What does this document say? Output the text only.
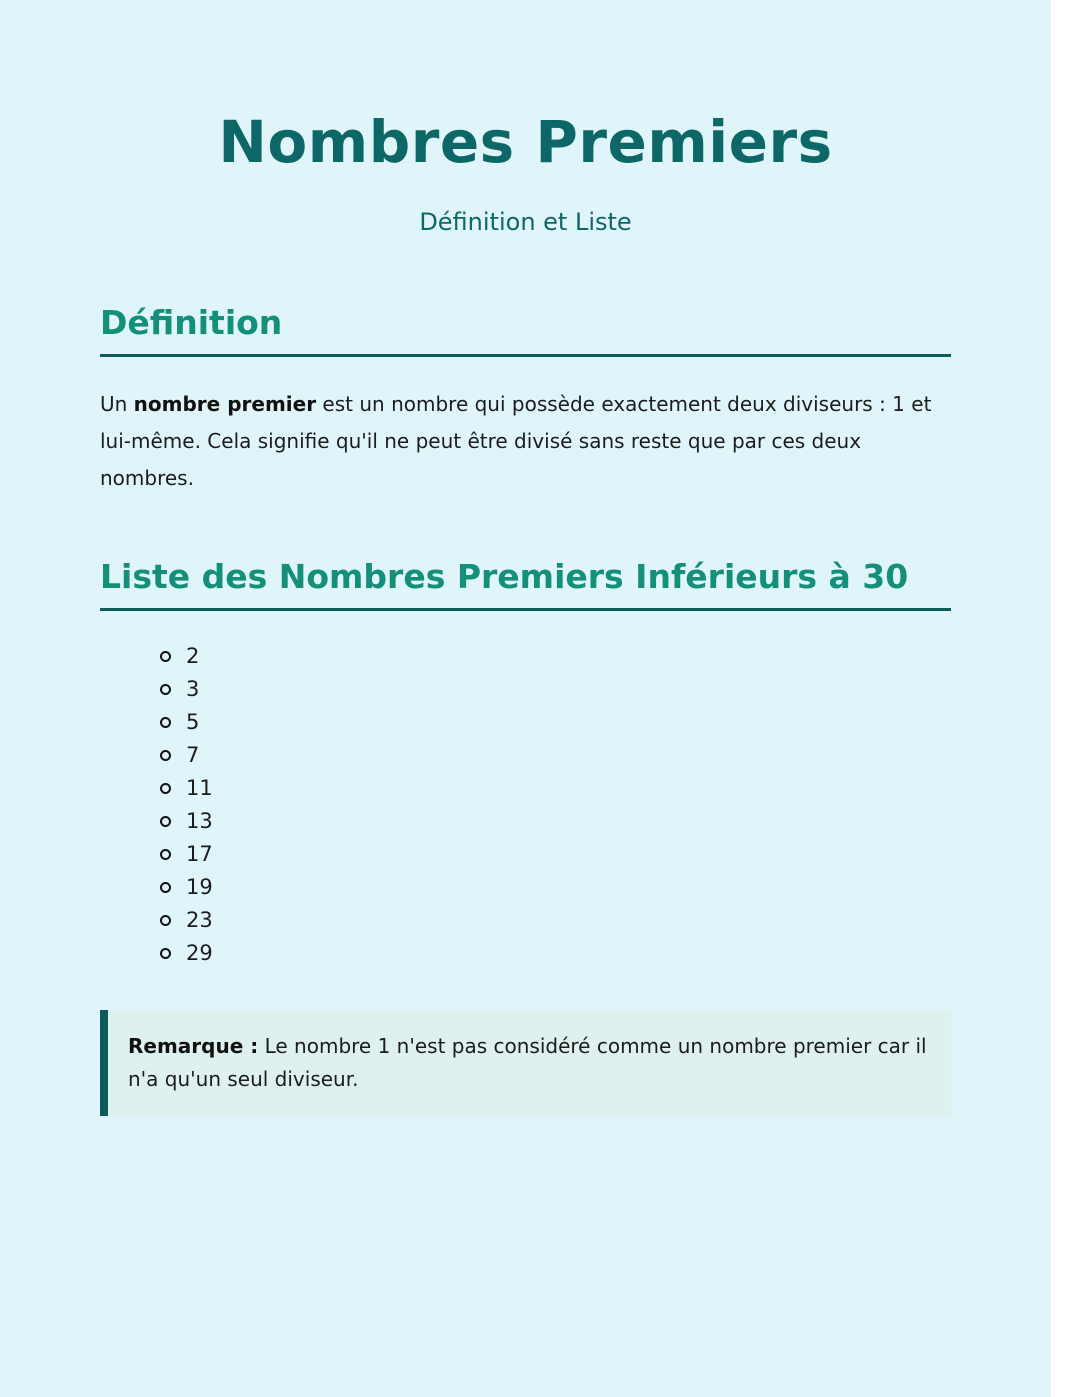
Nombres Premiers
Définition et Liste
Définition

Un nombre premier est un nombre qui possède exactement deux diviseurs : 1 et lui-même. Cela signifie qu'il ne peut être divisé sans reste que par ces deux nombres.

Liste des Nombres Premiers Inférieurs à 30
2
3
5
7
11
13
17
19
23
29
Remarque : Le nombre 1 n'est pas considéré comme un nombre premier car il n'a qu'un seul diviseur.
